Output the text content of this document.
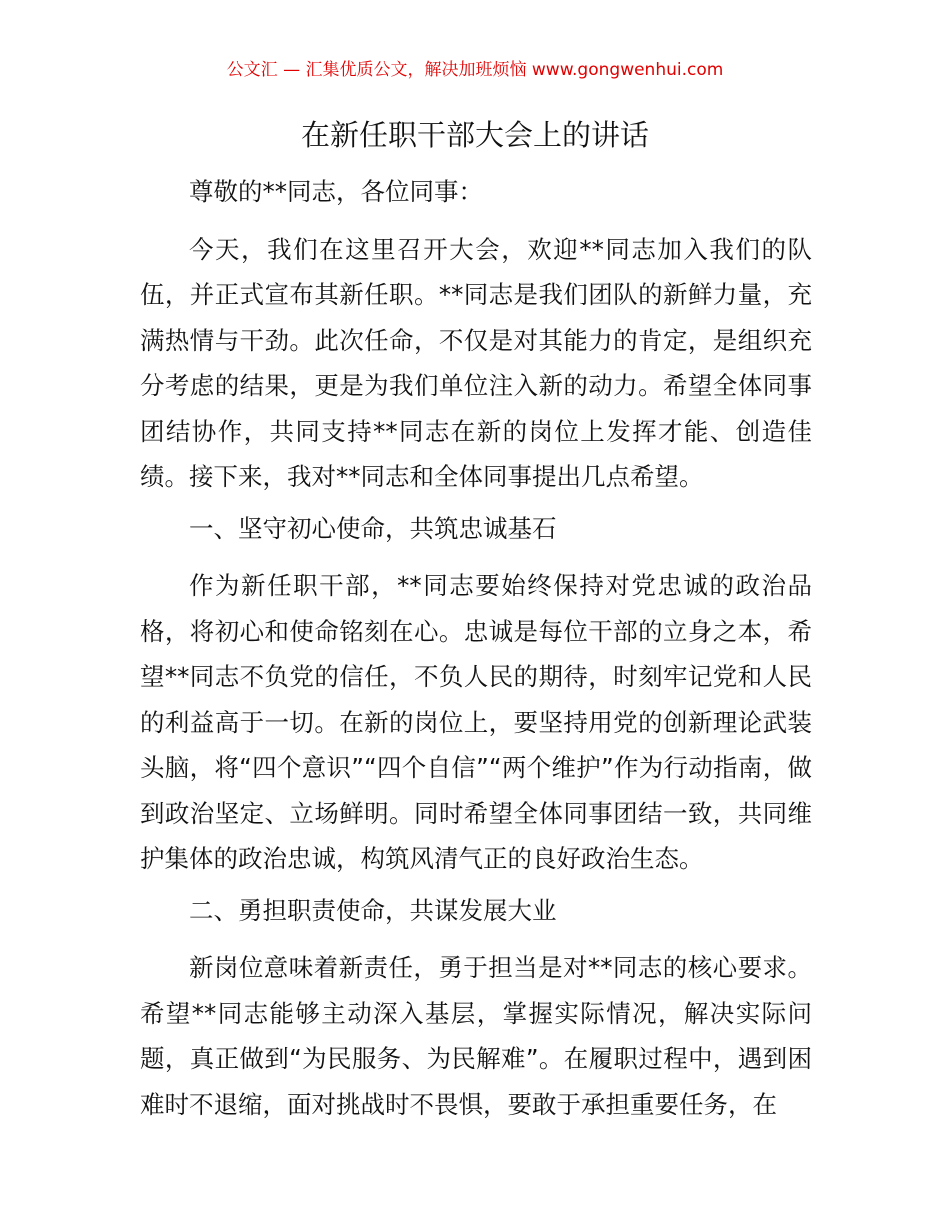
公文汇 — 汇集优质公文，解决加班烦恼 www.gongwenhui.com
在新任职干部大会上的讲话

尊敬的**同志，各位同事：

今天，我们在这里召开大会，欢迎**同志加入我们的队伍，并正式宣布其新任职。**同志是我们团队的新鲜力量，充满热情与干劲。此次任命，不仅是对其能力的肯定，是组织充分考虑的结果，更是为我们单位注入新的动力。希望全体同事团结协作，共同支持**同志在新的岗位上发挥才能、创造佳绩。接下来，我对**同志和全体同事提出几点希望。

一、坚守初心使命，共筑忠诚基石

作为新任职干部，**同志要始终保持对党忠诚的政治品格，将初心和使命铭刻在心。忠诚是每位干部的立身之本，希望**同志不负党的信任，不负人民的期待，时刻牢记党和人民的利益高于一切。在新的岗位上，要坚持用党的创新理论武装头脑，将“四个意识”“四个自信”“两个维护”作为行动指南，做到政治坚定、立场鲜明。同时希望全体同事团结一致，共同维护集体的政治忠诚，构筑风清气正的良好政治生态。

二、勇担职责使命，共谋发展大业

新岗位意味着新责任，勇于担当是对**同志的核心要求。希望**同志能够主动深入基层，掌握实际情况，解决实际问题，真正做到“为民服务、为民解难”。在履职过程中，遇到困难时不退缩，面对挑战时不畏惧，要敢于承担重要任务，在
